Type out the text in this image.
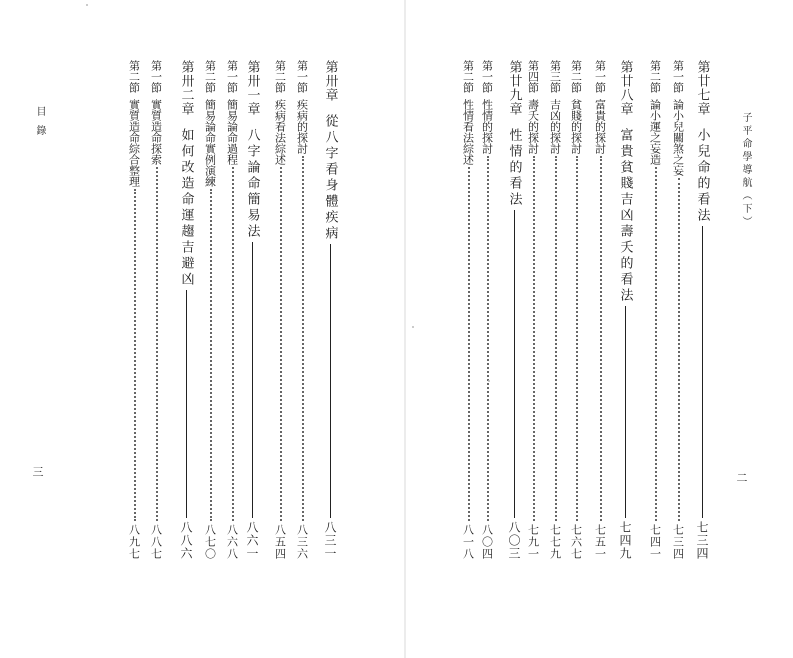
子平命學導航（下）
二
目 錄
三
第廿七章
小兒命的看法
七三四
第一節
論小兒關煞之妄
七三四
第二節
論小運之妄造
七四一
第廿八章
富貴貧賤吉凶壽夭的看法
七四九
第一節
富貴的探討
七五一
第二節
貧賤的探討
七六七
第三節
吉凶的探討
七七九
第四節
壽夭的探討
七九一
第廿九章
性情的看法
八〇三
第一節
性情的探討
八〇四
第二節
性情看法綜述
八一八
第卅章
從八字看身體疾病
八三一
第一節
疾病的探討
八三六
第二節
疾病看法綜述
八五四
第卅一章
八字論命簡易法
八六一
第一節
簡易論命過程
八六八
第二節
簡易論命實例演練
八七〇
第卅二章
如何改造命運趨吉避凶
八八六
第一節
實質造命探索
八八七
第二節
實質造命綜合整理
八九七
